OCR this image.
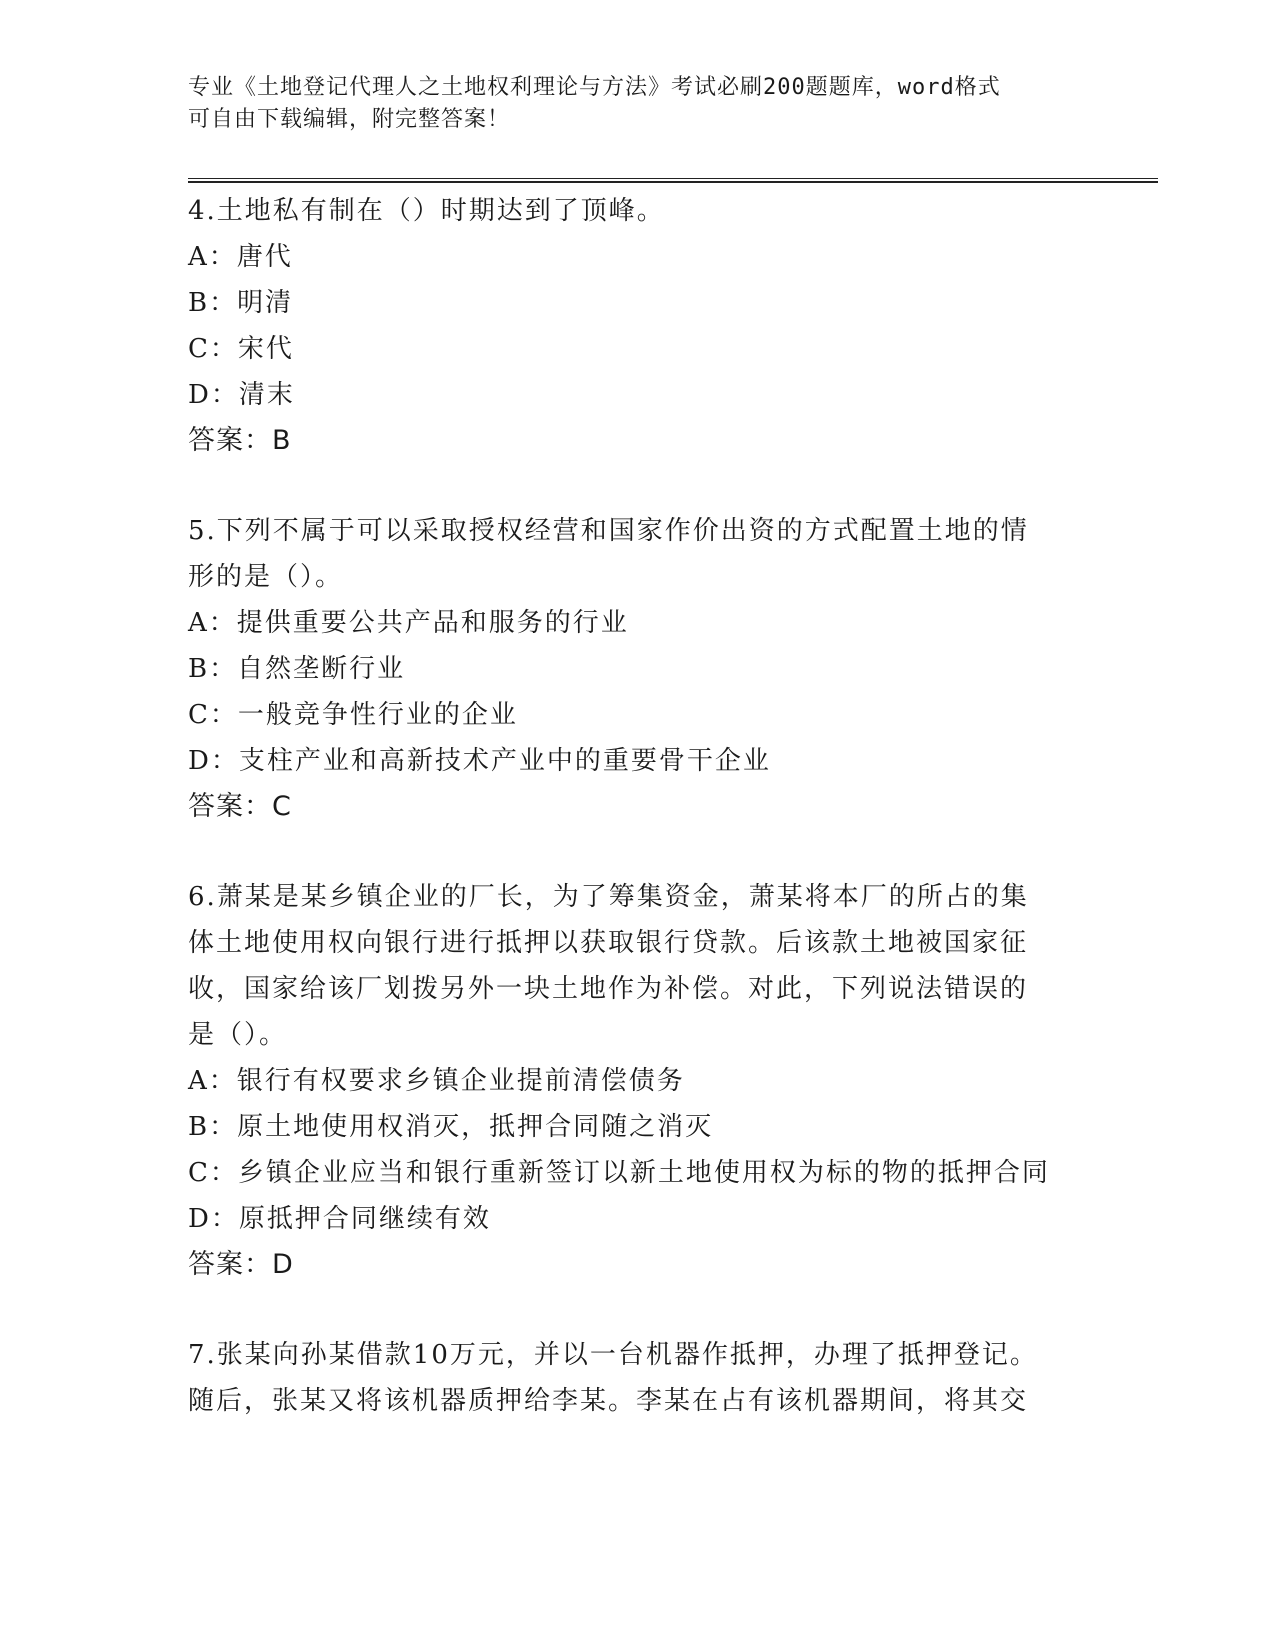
专业《土地登记代理人之土地权利理论与方法》考试必刷200题题库，word格式
可自由下载编辑，附完整答案！
4.土地私有制在（）时期达到了顶峰。
A：唐代
B：明清
C：宋代
D：清末
答案：B
5.下列不属于可以采取授权经营和国家作价出资的方式配置土地的情
形的是（）。
A：提供重要公共产品和服务的行业
B：自然垄断行业
C：一般竞争性行业的企业
D：支柱产业和高新技术产业中的重要骨干企业
答案：C
6.萧某是某乡镇企业的厂长，为了筹集资金，萧某将本厂的所占的集
体土地使用权向银行进行抵押以获取银行贷款。后该款土地被国家征
收，国家给该厂划拨另外一块土地作为补偿。对此，下列说法错误的
是（）。
A：银行有权要求乡镇企业提前清偿债务
B：原土地使用权消灭，抵押合同随之消灭
C：乡镇企业应当和银行重新签订以新土地使用权为标的物的抵押合同
D：原抵押合同继续有效
答案：D
7.张某向孙某借款10万元，并以一台机器作抵押，办理了抵押登记。
随后，张某又将该机器质押给李某。李某在占有该机器期间，将其交
